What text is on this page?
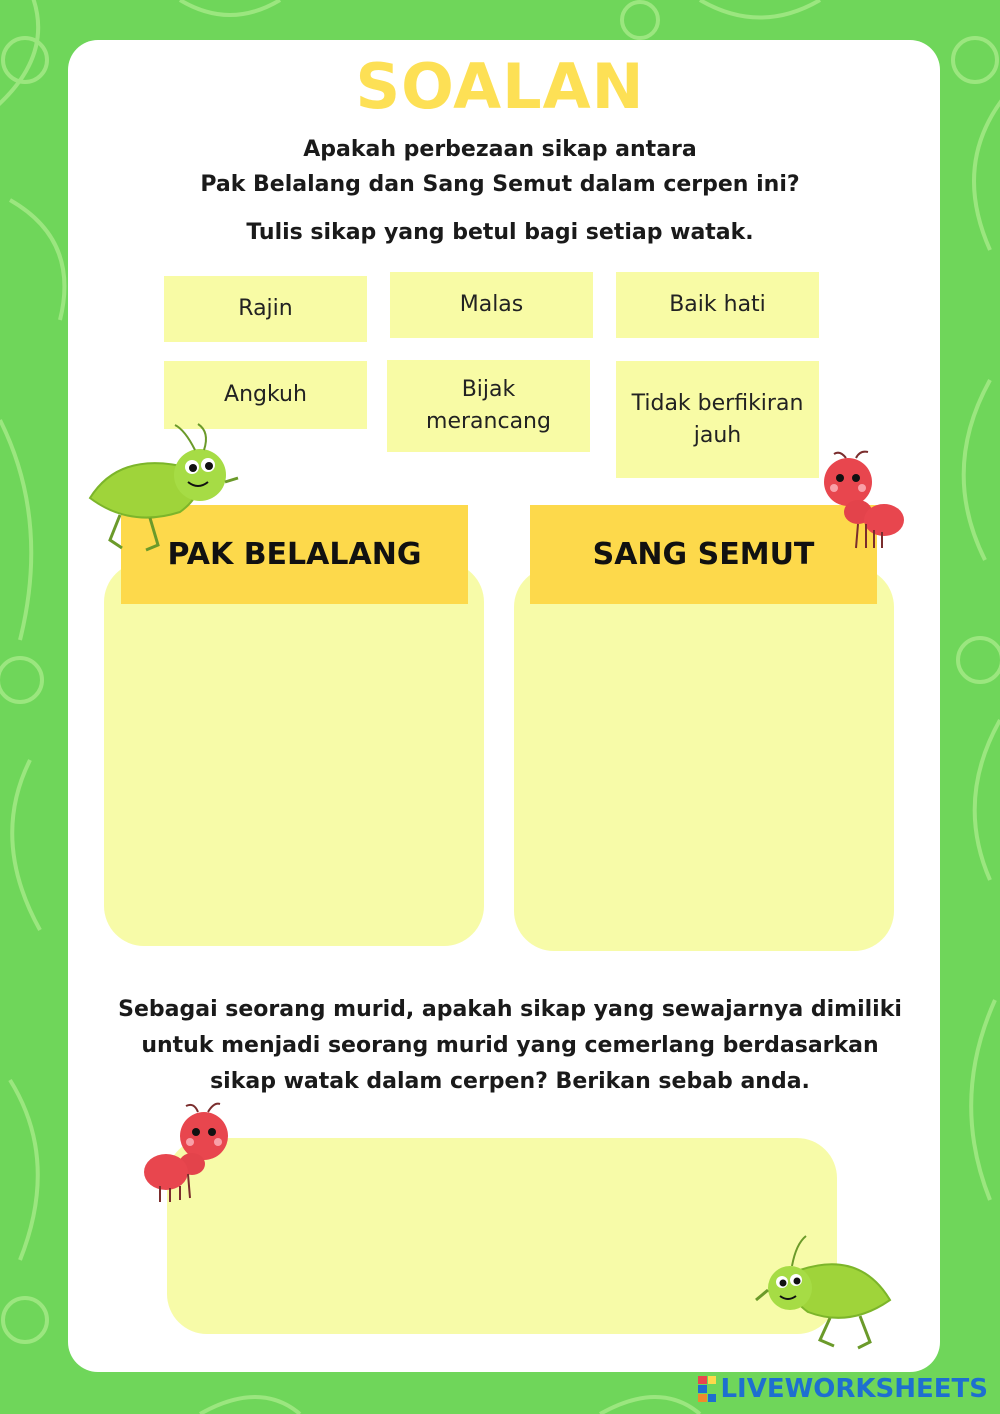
SOALAN
Apakah perbezaan sikap antara
Pak Belalang dan Sang Semut dalam cerpen ini?
Tulis sikap yang betul bagi setiap watak.
Rajin	Malas	Baik hati
Angkuh	Bijak
merancang
Tidak berfikiran
jauh
PAK BELALANG	SANG SEMUT
Sebagai seorang murid, apakah sikap yang sewajarnya dimiliki
untuk menjadi seorang murid yang cemerlang berdasarkan
sikap watak dalam cerpen? Berikan sebab anda.
LIVEWORKSHEETS
